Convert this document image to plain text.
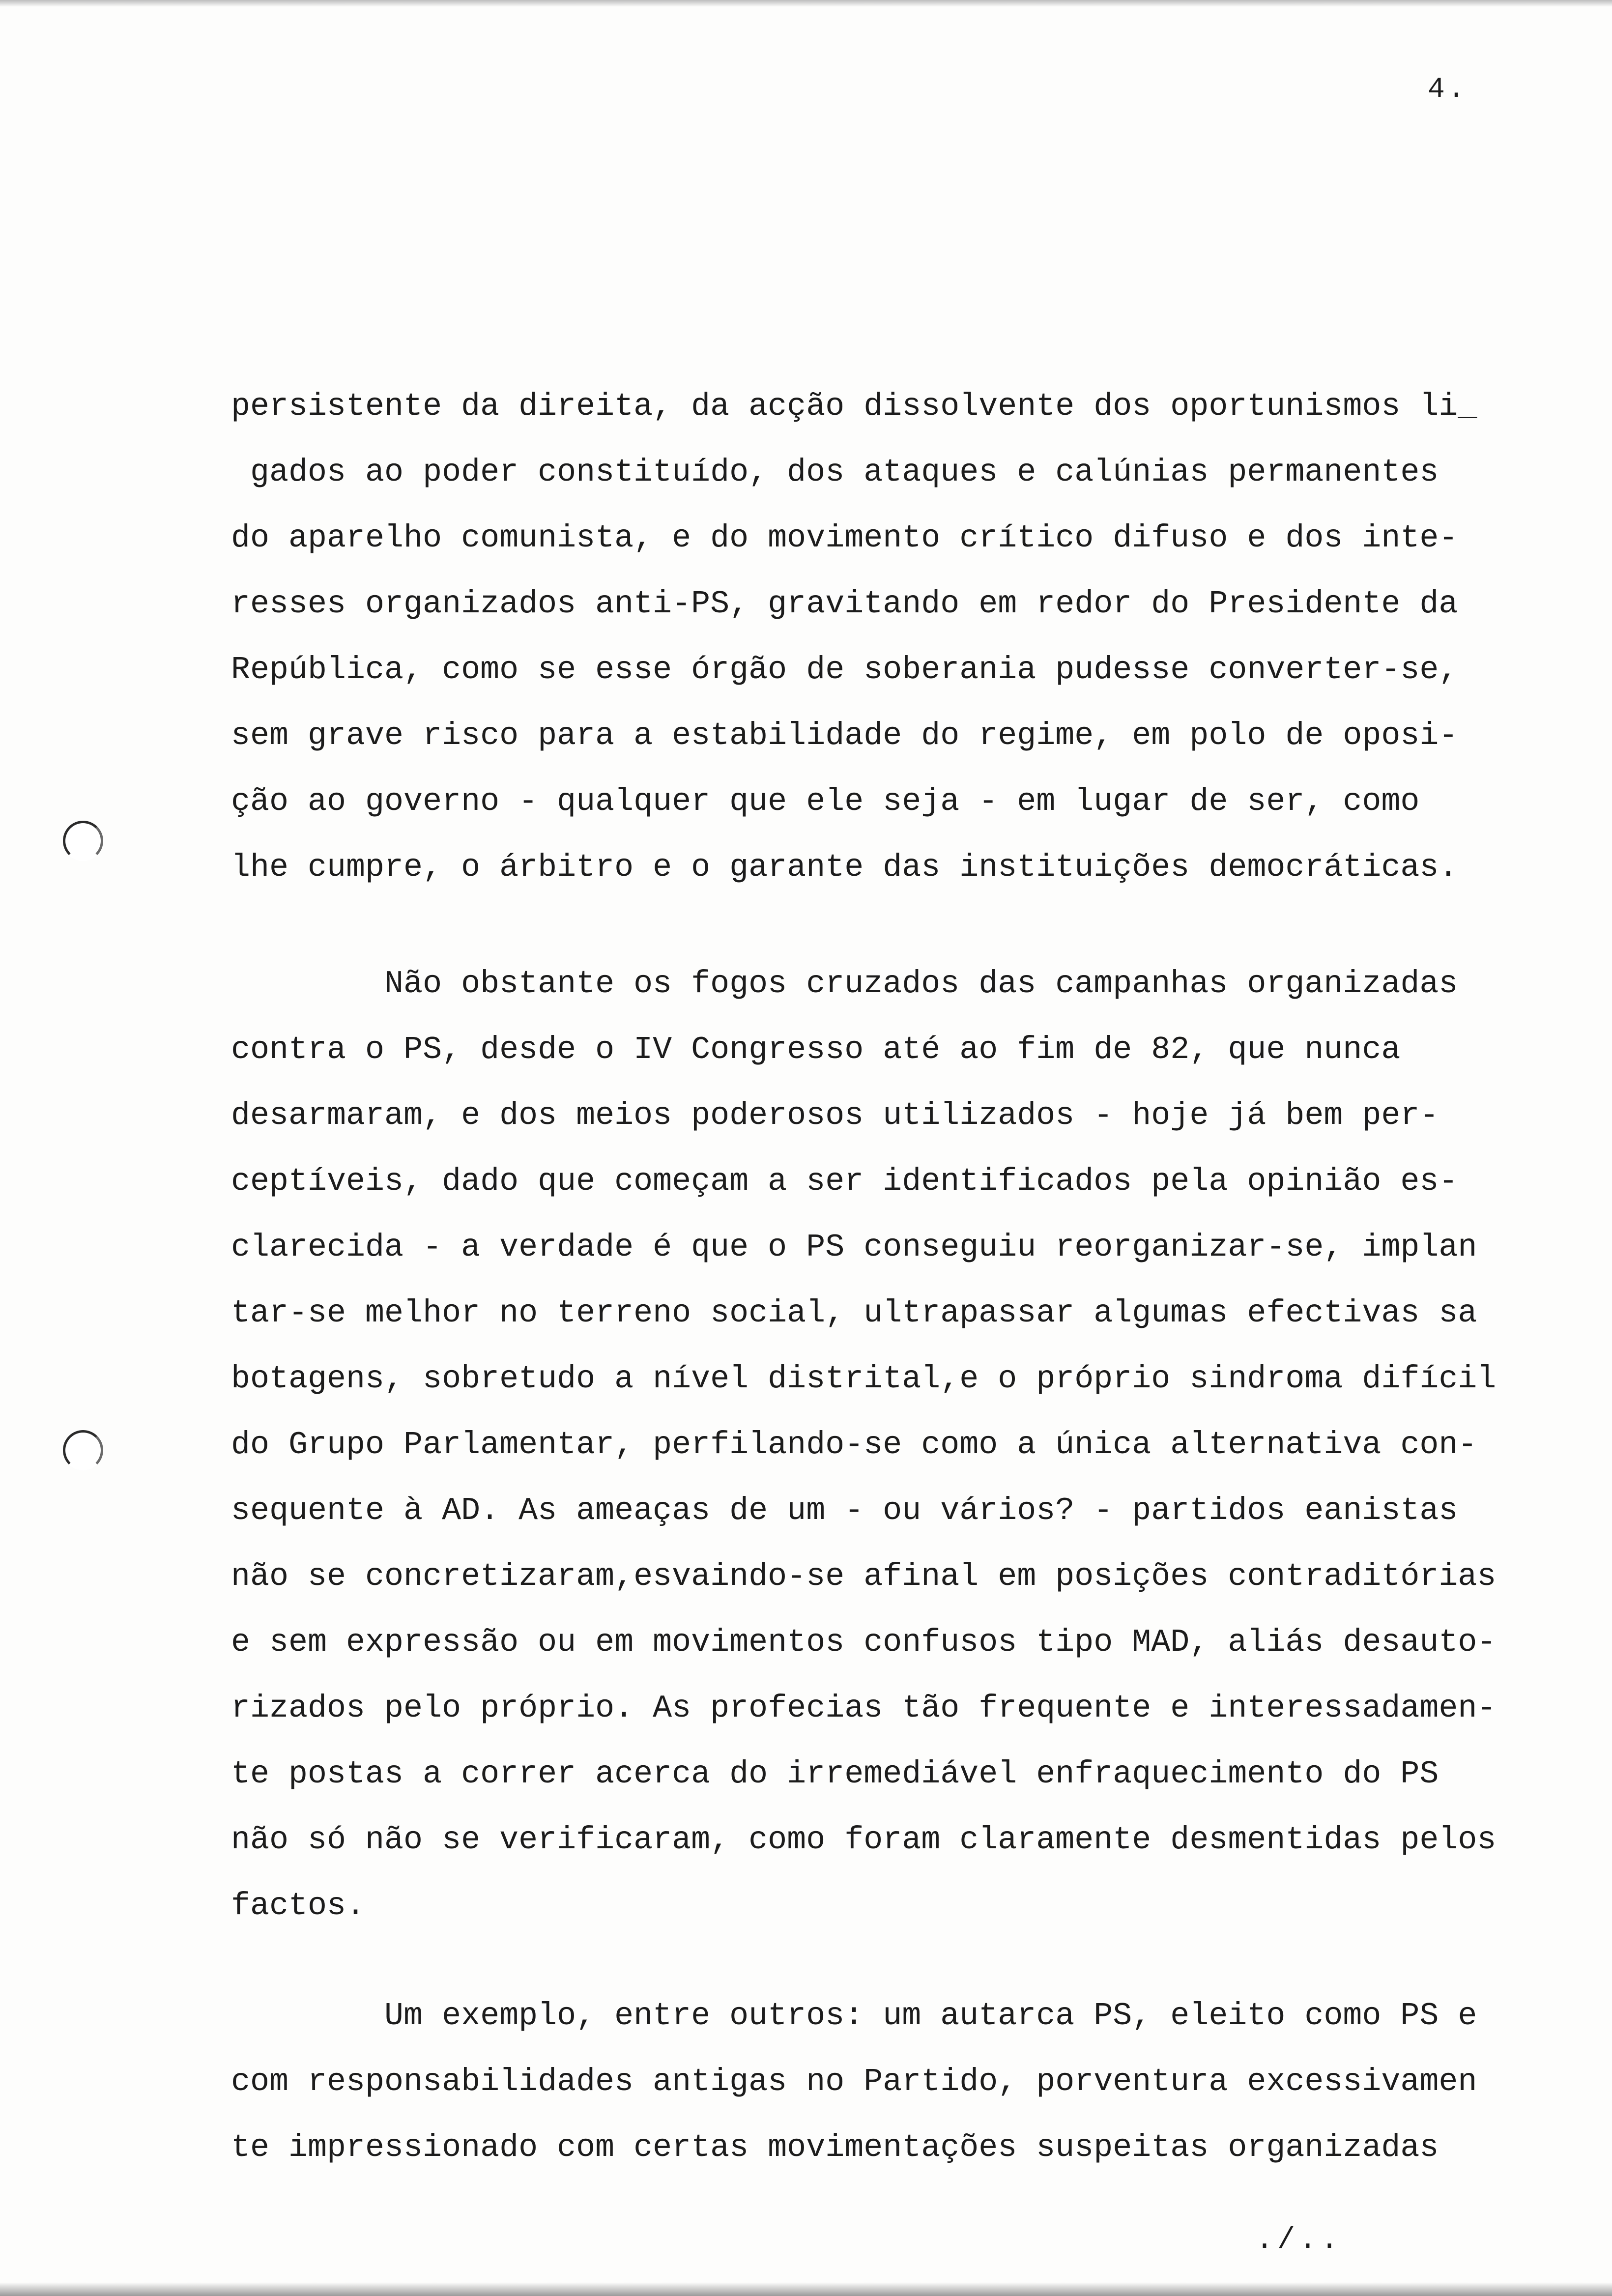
4.
persistente da direita, da acção dissolvente dos oportunismos li_
gados ao poder constituído, dos ataques e calúnias permanentes
do aparelho comunista, e do movimento crítico difuso e dos inte-
resses organizados anti-PS, gravitando em redor do Presidente da
República, como se esse órgão de soberania pudesse converter-se,
sem grave risco para a estabilidade do regime, em polo de oposi-
ção ao governo - qualquer que ele seja - em lugar de ser, como
lhe cumpre, o árbitro e o garante das instituições democráticas.
Não obstante os fogos cruzados das campanhas organizadas
contra o PS, desde o IV Congresso até ao fim de 82, que nunca
desarmaram, e dos meios poderosos utilizados - hoje já bem per-
ceptíveis, dado que começam a ser identificados pela opinião es-
clarecida - a verdade é que o PS conseguiu reorganizar-se, implan
tar-se melhor no terreno social, ultrapassar algumas efectivas sa
botagens, sobretudo a nível distrital,e o próprio sindroma difícil
do Grupo Parlamentar, perfilando-se como a única alternativa con-
sequente à AD. As ameaças de um - ou vários? - partidos eanistas
não se concretizaram,esvaindo-se afinal em posições contraditórias
e sem expressão ou em movimentos confusos tipo MAD, aliás desauto-
rizados pelo próprio. As profecias tão frequente e interessadamen-
te postas a correr acerca do irremediável enfraquecimento do PS
não só não se verificaram, como foram claramente desmentidas pelos
factos.
Um exemplo, entre outros: um autarca PS, eleito como PS e
com responsabilidades antigas no Partido, porventura excessivamen
te impressionado com certas movimentações suspeitas organizadas
./..
